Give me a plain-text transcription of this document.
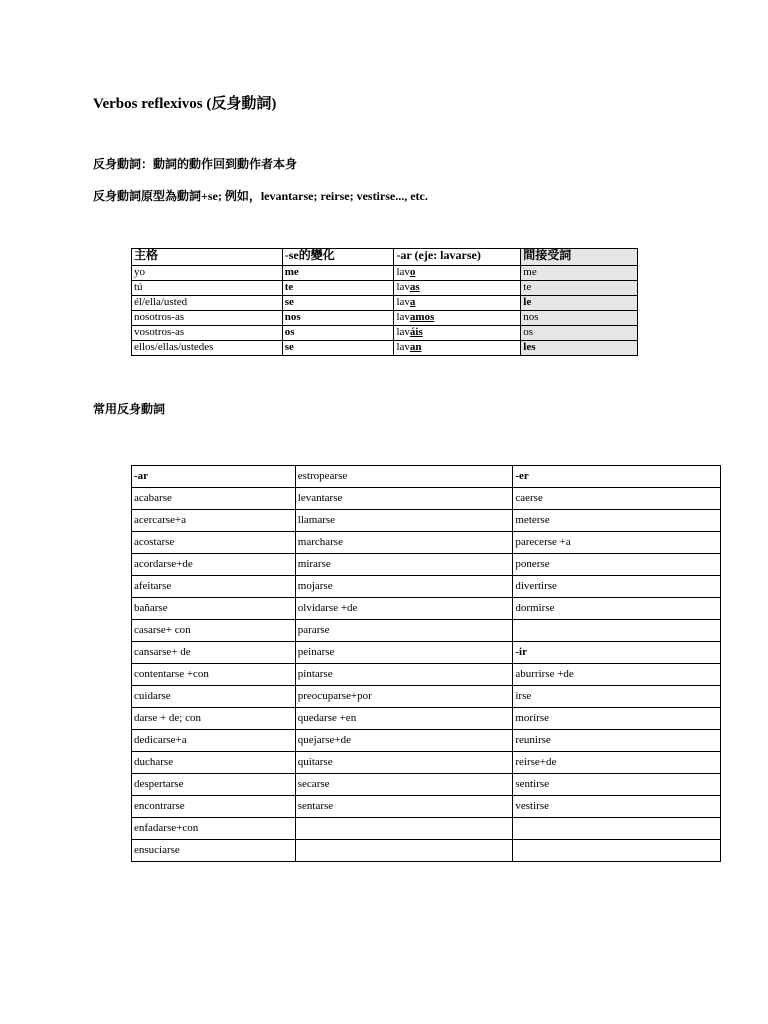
Verbos reflexivos (反身動詞)

反身動詞：動詞的動作回到動作者本身

反身動詞原型為動詞+se; 例如，levantarse; reirse; vestirse..., etc.

主格	-se的變化	-ar (eje: lavarse)	間接受詞
yo	me	lavo	me
tú	te	lavas	te
él/ella/usted	se	lava	le
nosotros-as	nos	lavamos	nos
vosotros-as	os	laváis	os
ellos/ellas/ustedes	se	lavan	les

常用反身動詞

-ar	estropearse	-er
acabarse	levantarse	caerse
acercarse+a	llamarse	meterse
acostarse	marcharse	parecerse +a
acordarse+de	mirarse	ponerse
afeitarse	mojarse	divertirse
bañarse	olvidarse +de	dormirse
casarse+ con	pararse	
cansarse+ de	peinarse	-ir
contentarse +con	pintarse	aburrirse +de
cuidarse	preocuparse+por	irse
darse + de; con	quedarse +en	morirse
dedicarse+a	quejarse+de	reunirse
ducharse	quitarse	reirse+de
despertarse	secarse	sentirse
encontrarse	sentarse	vestirse
enfadarse+con		
ensuciarse		
